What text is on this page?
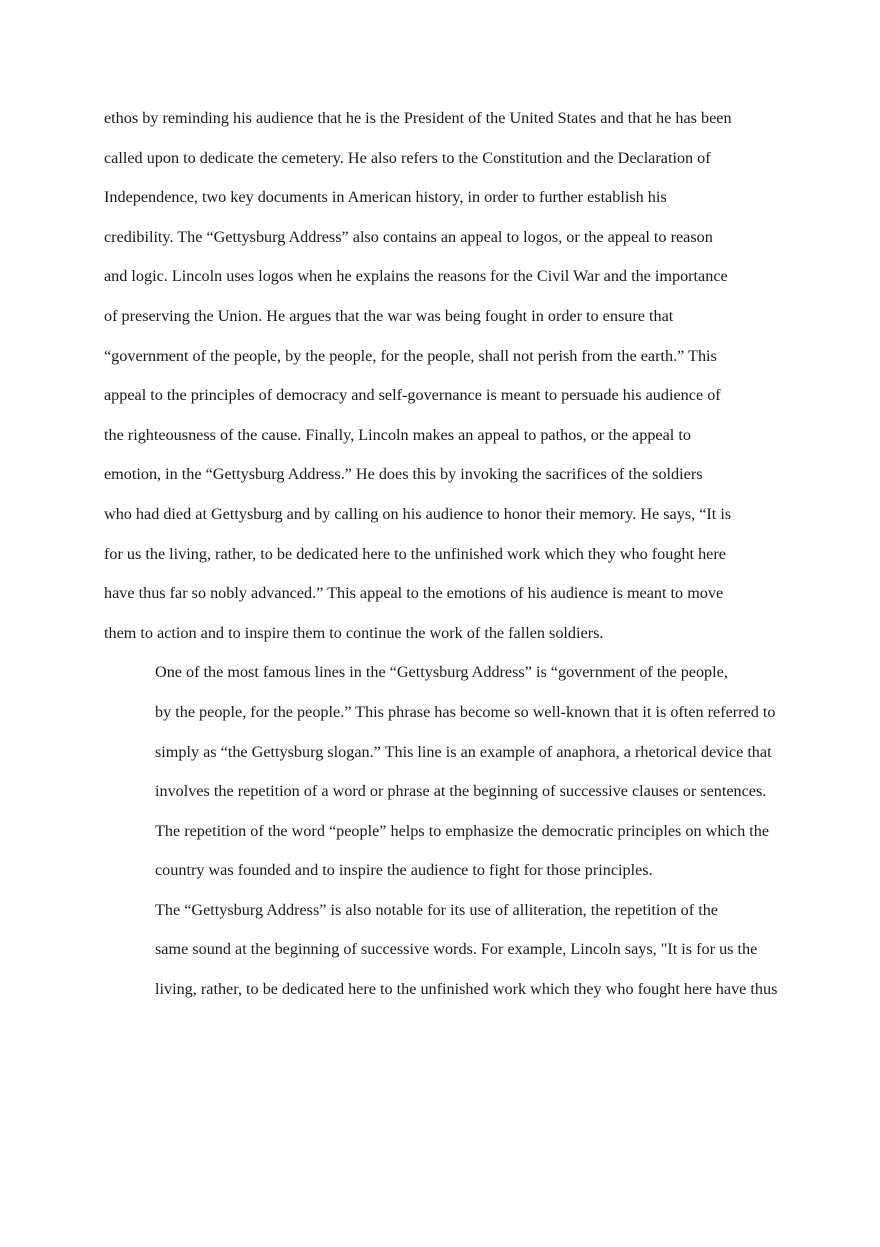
ethos by reminding his audience that he is the President of the United States and that he has been
called upon to dedicate the cemetery. He also refers to the Constitution and the Declaration of
Independence, two key documents in American history, in order to further establish his
credibility. The “Gettysburg Address” also contains an appeal to logos, or the appeal to reason
and logic. Lincoln uses logos when he explains the reasons for the Civil War and the importance
of preserving the Union. He argues that the war was being fought in order to ensure that
“government of the people, by the people, for the people, shall not perish from the earth.” This
appeal to the principles of democracy and self-governance is meant to persuade his audience of
the righteousness of the cause. Finally, Lincoln makes an appeal to pathos, or the appeal to
emotion, in the “Gettysburg Address.” He does this by invoking the sacrifices of the soldiers
who had died at Gettysburg and by calling on his audience to honor their memory. He says, “It is
for us the living, rather, to be dedicated here to the unfinished work which they who fought here
have thus far so nobly advanced.” This appeal to the emotions of his audience is meant to move
them to action and to inspire them to continue the work of the fallen soldiers.

One of the most famous lines in the “Gettysburg Address” is “government of the people,
by the people, for the people.” This phrase has become so well-known that it is often referred to
simply as “the Gettysburg slogan.” This line is an example of anaphora, a rhetorical device that
involves the repetition of a word or phrase at the beginning of successive clauses or sentences.
The repetition of the word “people” helps to emphasize the democratic principles on which the
country was founded and to inspire the audience to fight for those principles.

The “Gettysburg Address” is also notable for its use of alliteration, the repetition of the
same sound at the beginning of successive words. For example, Lincoln says, "It is for us the
living, rather, to be dedicated here to the unfinished work which they who fought here have thus
